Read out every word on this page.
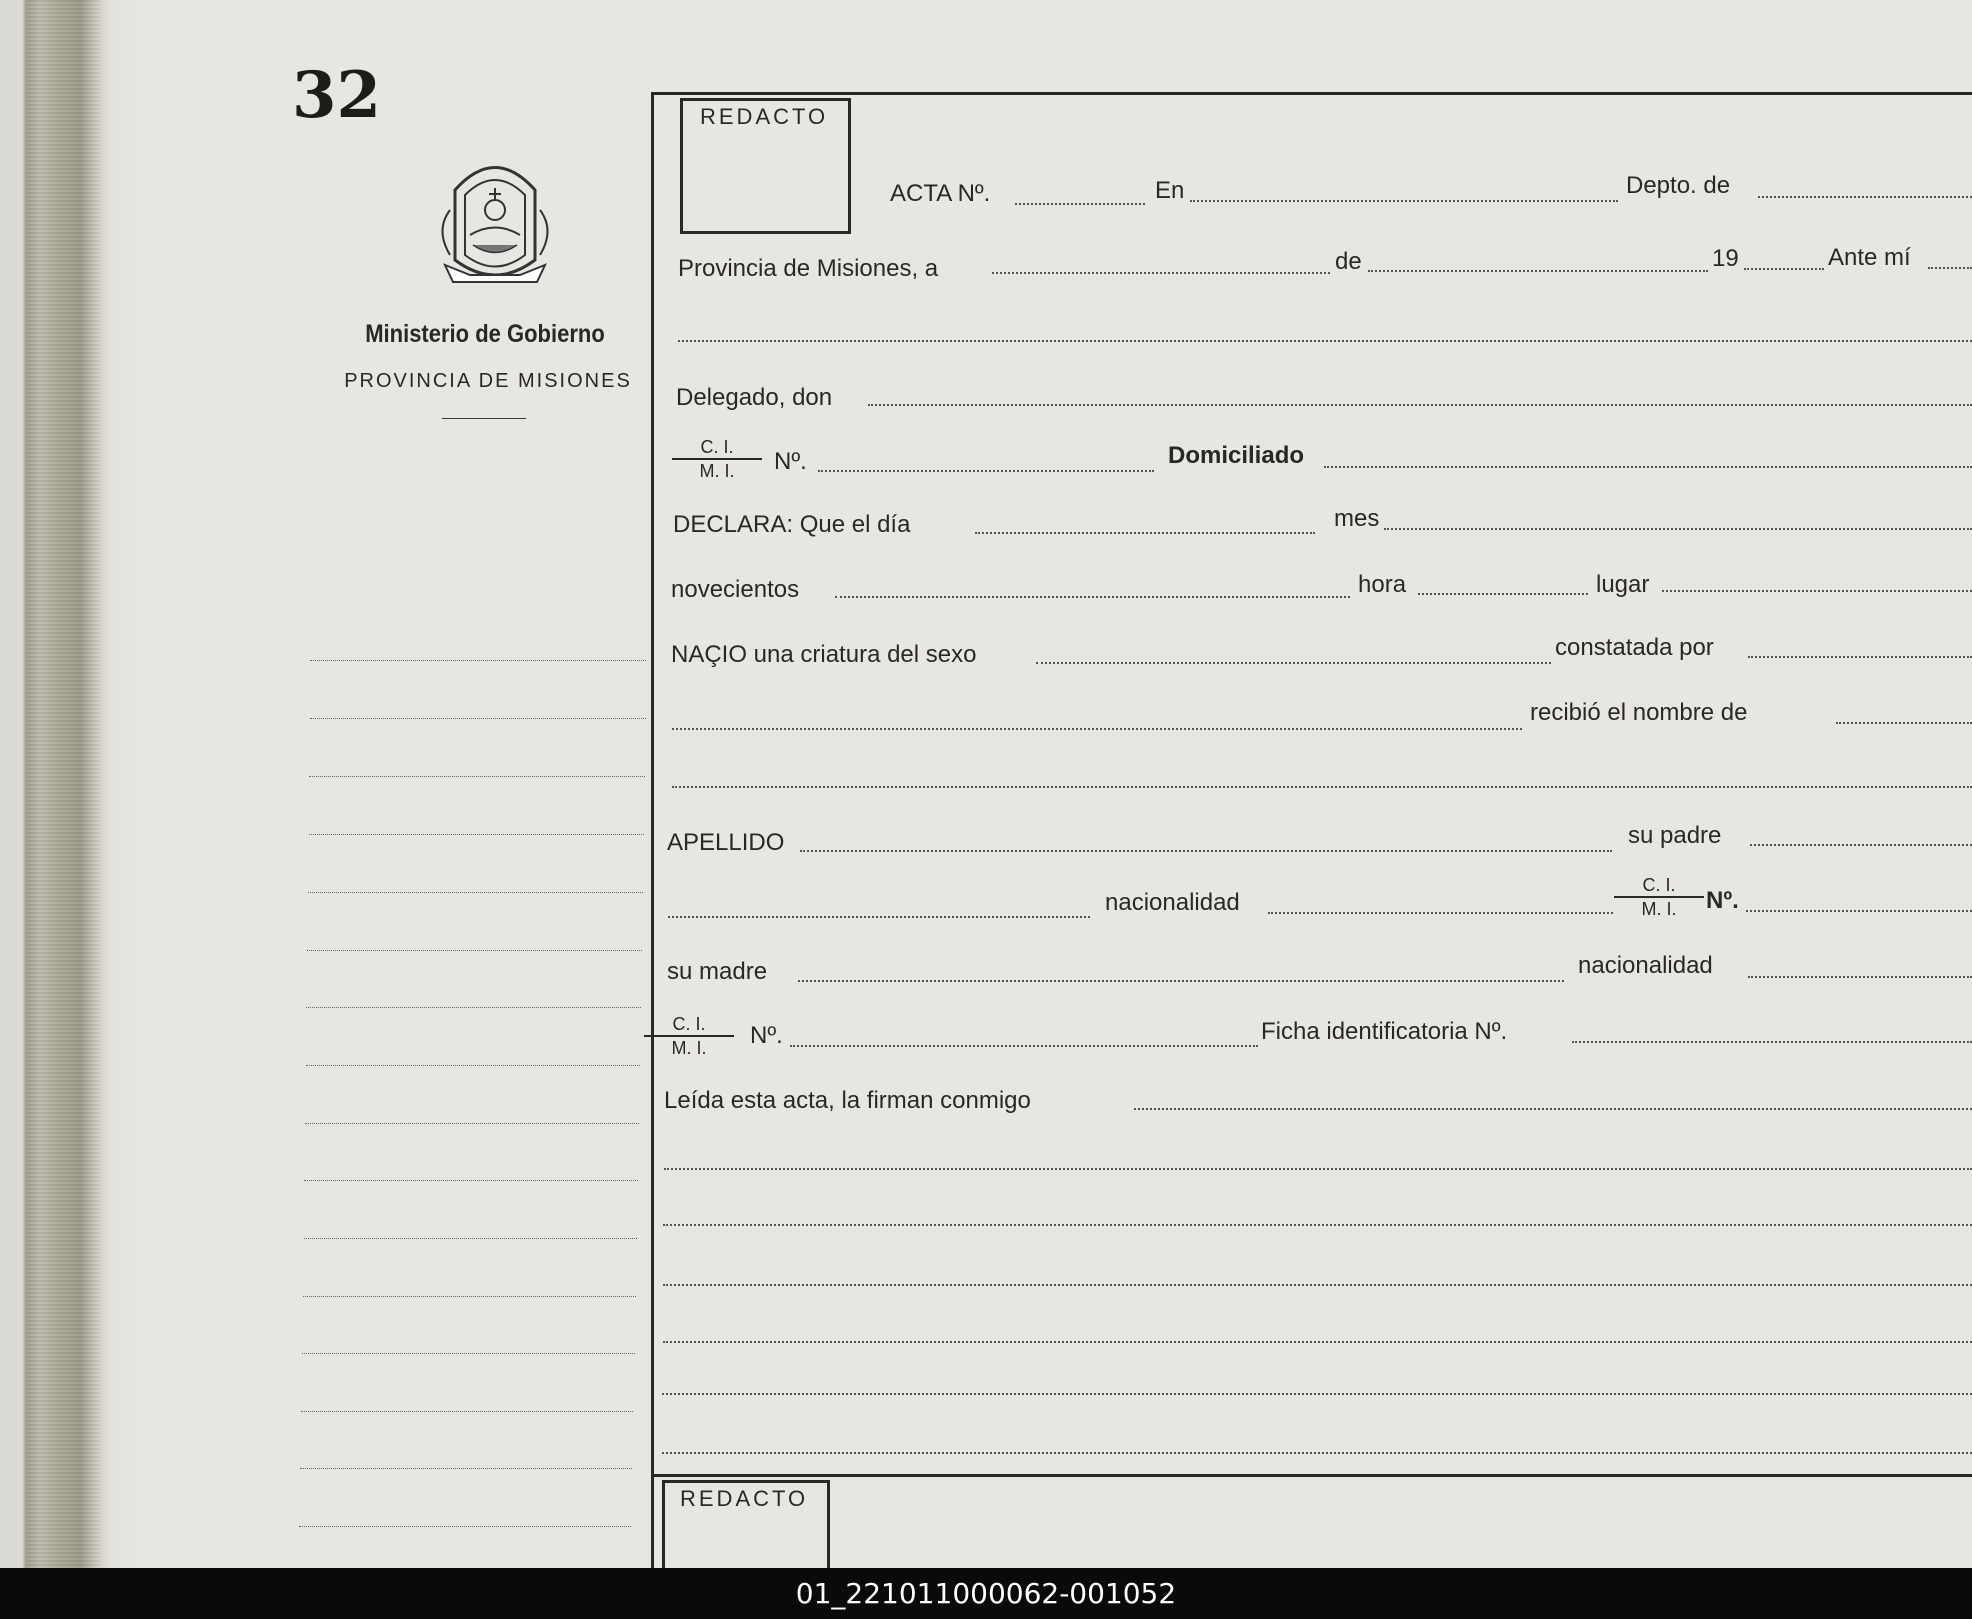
32
Ministerio de Gobierno
PROVINCIA DE MISIONES
REDACTO
ACTA Nº.	En	Depto. de
Provincia de Misiones, a	de	19	Ante mí
Delegado, don
$\frac{C. I.}{M. I.}$ Nº.	Domiciliado
DECLARA: Que el día	mes
novecientos	hora	lugar
NAÇIO una criatura del sexo	constatada por
recibió el nombre de
APELLIDO	su padre
nacionalidad	$\frac{C. I.}{M. I.}$ Nº.
su madre	nacionalidad
$\frac{C. I.}{M. I.}$ Nº.	Ficha identificatoria Nº.
Leída esta acta, la firman conmigo
REDACTO
01_221011000062-001052
